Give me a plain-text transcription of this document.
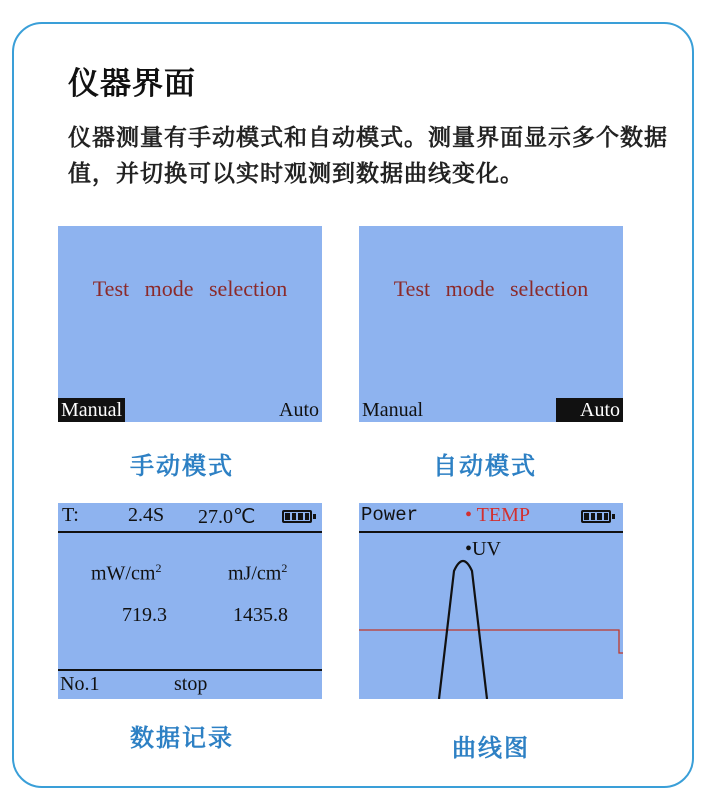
仪器界面
仪器测量有手动模式和自动模式。测量界面显示多个数据值，并切换可以实时观测到数据曲线变化。
Test mode selection
Manual	Auto
手动模式
Test mode selection
Manual	Auto
自动模式
T: 2.4S 27.0℃
$mW/cm^2$	$mJ/cm^2$
719.3	1435.8
No.1	stop
数据记录
Power • TEMP
•UV
曲线图
